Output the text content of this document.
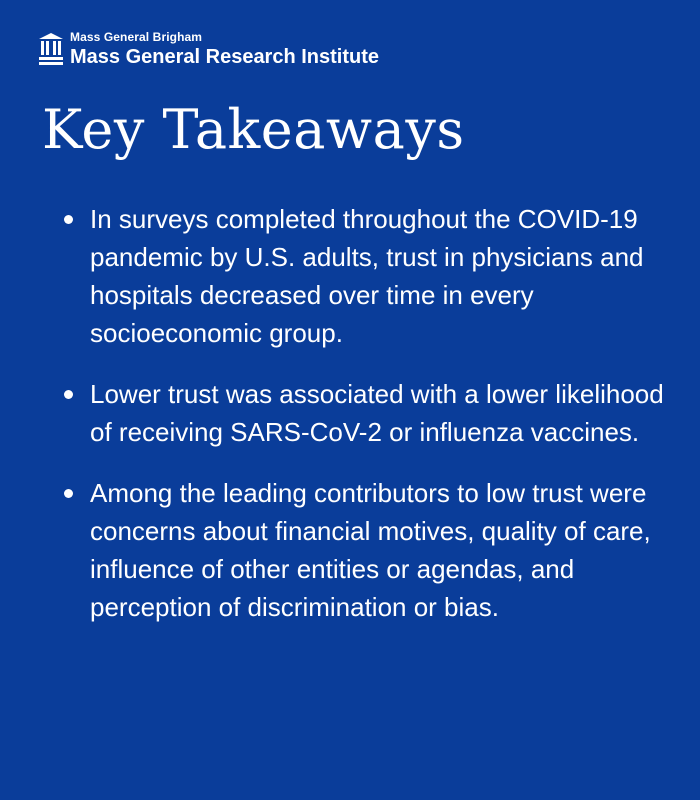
Mass General Brigham
Mass General Research Institute
Key Takeaways
In surveys completed throughout the COVID-19 pandemic by U.S. adults, trust in physicians and hospitals decreased over time in every socioeconomic group.
Lower trust was associated with a lower likelihood of receiving SARS-CoV-2 or influenza vaccines.
Among the leading contributors to low trust were concerns about financial motives, quality of care, influence of other entities or agendas, and perception of discrimination or bias.
